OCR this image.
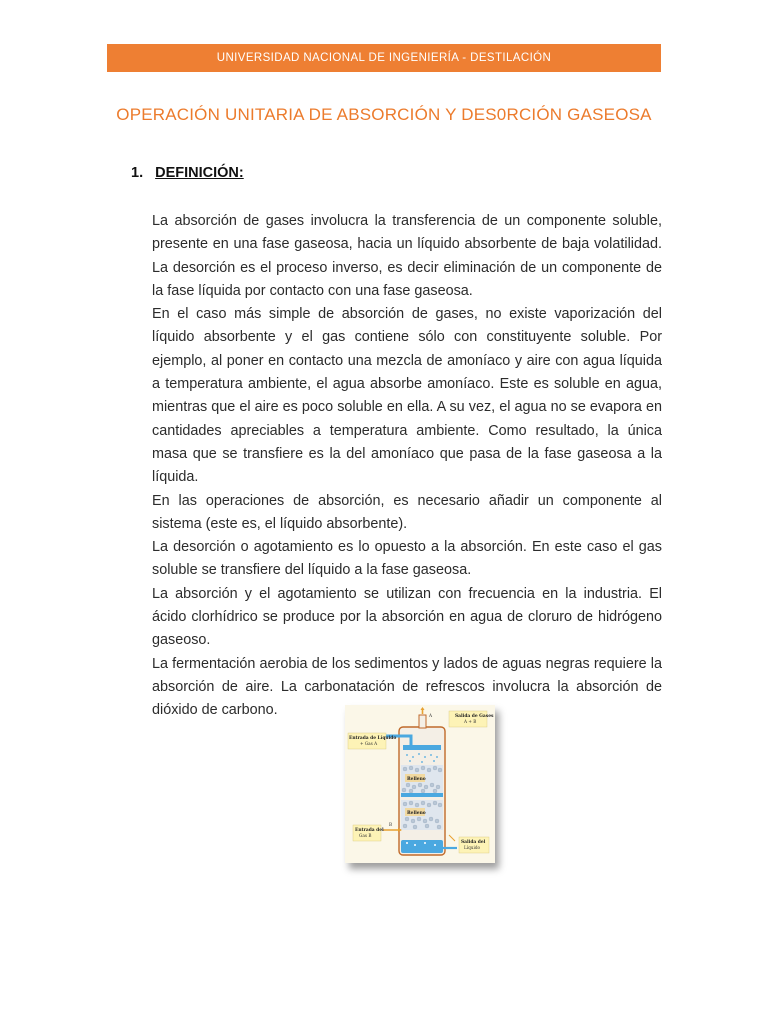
UNIVERSIDAD NACIONAL DE INGENIERÍA - DESTILACIÓN
OPERACIÓN UNITARIA DE ABSORCIÓN Y DES0RCIÓN GASEOSA
1. DEFINICIÓN:

La absorción de gases involucra la transferencia de un componente soluble, presente en una fase gaseosa, hacia un líquido absorbente de baja volatilidad. La desorción es el proceso inverso, es decir eliminación de un componente de la fase líquida por contacto con una fase gaseosa.

En el caso más simple de absorción de gases, no existe vaporización del líquido absorbente y el gas contiene sólo con constituyente soluble. Por ejemplo, al poner en contacto una mezcla de amoníaco y aire con agua líquida a temperatura ambiente, el agua absorbe amoníaco. Este es soluble en agua, mientras que el aire es poco soluble en ella. A su vez, el agua no se evapora en cantidades apreciables a temperatura ambiente. Como resultado, la única masa que se transfiere es la del amoníaco que pasa de la fase gaseosa a la líquida.

En las operaciones de absorción, es necesario añadir un componente al sistema (este es, el líquido absorbente).

La desorción o agotamiento es lo opuesto a la absorción. En este caso el gas soluble se transfiere del líquido a la fase gaseosa.

La absorción y el agotamiento se utilizan con frecuencia en la industria. El ácido clorhídrico se produce por la absorción en agua de cloruro de hidrógeno gaseoso.

La fermentación aerobia de los sedimentos y lados de aguas negras requiere la absorción de aire. La carbonatación de refrescos involucra la absorción de dióxido de carbono.

Relleno
Relleno
Salida de Gases
A + B
Entrada de Líquido
+ Gas A
Entrada del
Gas B
Salida del
Líquido
A
B
